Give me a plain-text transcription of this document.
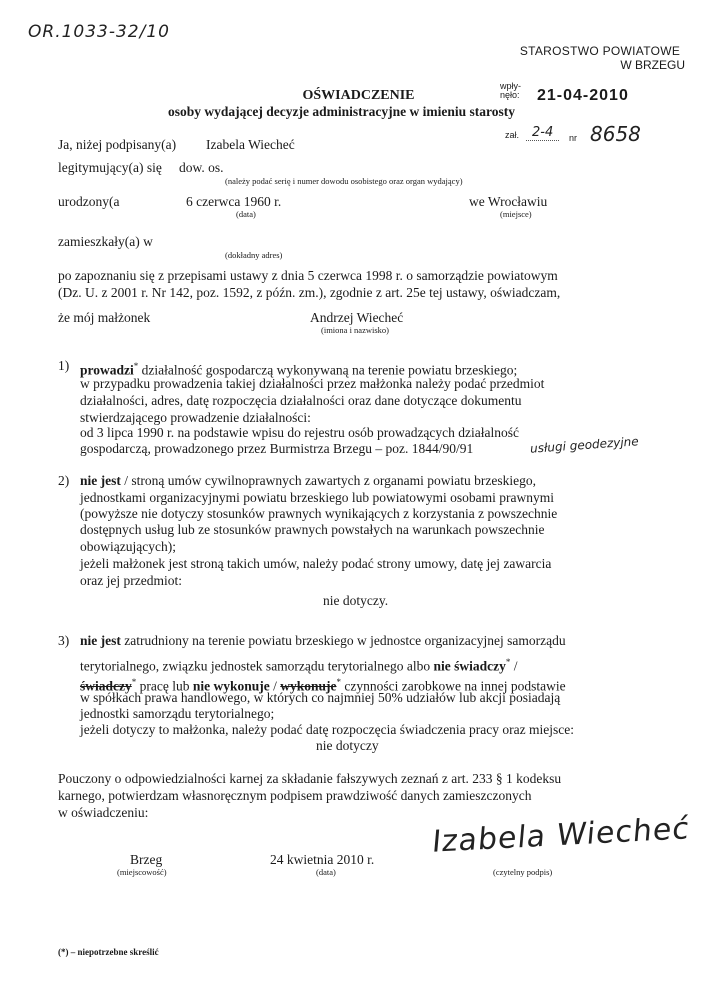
OR.1033-32/10
STAROSTWO POWIATOWE
W BRZEGU
wpły-
nęło: 21-04-2010
OŚWIADCZENIE
osoby wydającej decyzje administracyjne w imieniu starosty
zał. 2-4	nr 8658
Ja, niżej podpisany(a) Izabela Wiecheć
legitymujący(a) się dow. os.
(należy podać serię i numer dowodu osobistego oraz organ wydający)
urodzony(a	6 czerwca 1960 r.
(data)
we Wrocławiu
(miejsce)
zamieszkały(a) w
(dokładny adres)
po zapoznaniu się z przepisami ustawy z dnia 5 czerwca 1998 r. o samorządzie powiatowym
(Dz. U. z 2001 r. Nr 142, poz. 1592, z późn. zm.), zgodnie z art. 25e tej ustawy, oświadczam,
że mój małżonek	Andrzej Wiecheć
(imiona i nazwisko)
1) prowadzi* działalność gospodarczą wykonywaną na terenie powiatu brzeskiego;
w przypadku prowadzenia takiej działalności przez małżonka należy podać przedmiot
działalności, adres, datę rozpoczęcia działalności oraz dane dotyczące dokumentu
stwierdzającego prowadzenie działalności:
od 3 lipca 1990 r. na podstawie wpisu do rejestru osób prowadzących działalność
gospodarczą, prowadzonego przez Burmistrza Brzegu – poz. 1844/90/91	usługi geodezyjne
2) nie jest / stroną umów cywilnoprawnych zawartych z organami powiatu brzeskiego,
jednostkami organizacyjnymi powiatu brzeskiego lub powiatowymi osobami prawnymi
(powyższe nie dotyczy stosunków prawnych wynikających z korzystania z powszechnie
dostępnych usług lub ze stosunków prawnych powstałych na warunkach powszechnie
obowiązujących);
jeżeli małżonek jest stroną takich umów, należy podać strony umowy, datę jej zawarcia
oraz jej przedmiot:
nie dotyczy.
3) nie jest zatrudniony na terenie powiatu brzeskiego w jednostce organizacyjnej samorządu
terytorialnego, związku jednostek samorządu terytorialnego albo nie świadczy* /
świadczy* pracę lub nie wykonuje / wykonuje* czynności zarobkowe na innej podstawie
w spółkach prawa handlowego, w których co najmniej 50% udziałów lub akcji posiadają
jednostki samorządu terytorialnego;
jeżeli dotyczy to małżonka, należy podać datę rozpoczęcia świadczenia pracy oraz miejsce:
nie dotyczy
Pouczony o odpowiedzialności karnej za składanie fałszywych zeznań z art. 233 § 1 kodeksu
karnego, potwierdzam własnoręcznym podpisem prawdziwość danych zamieszczonych
w oświadczeniu:
Brzeg
(miejscowość)
24 kwietnia 2010 r.
(data)
Izabela Wiecheć
(czytelny podpis)
(*) – niepotrzebne skreślić
